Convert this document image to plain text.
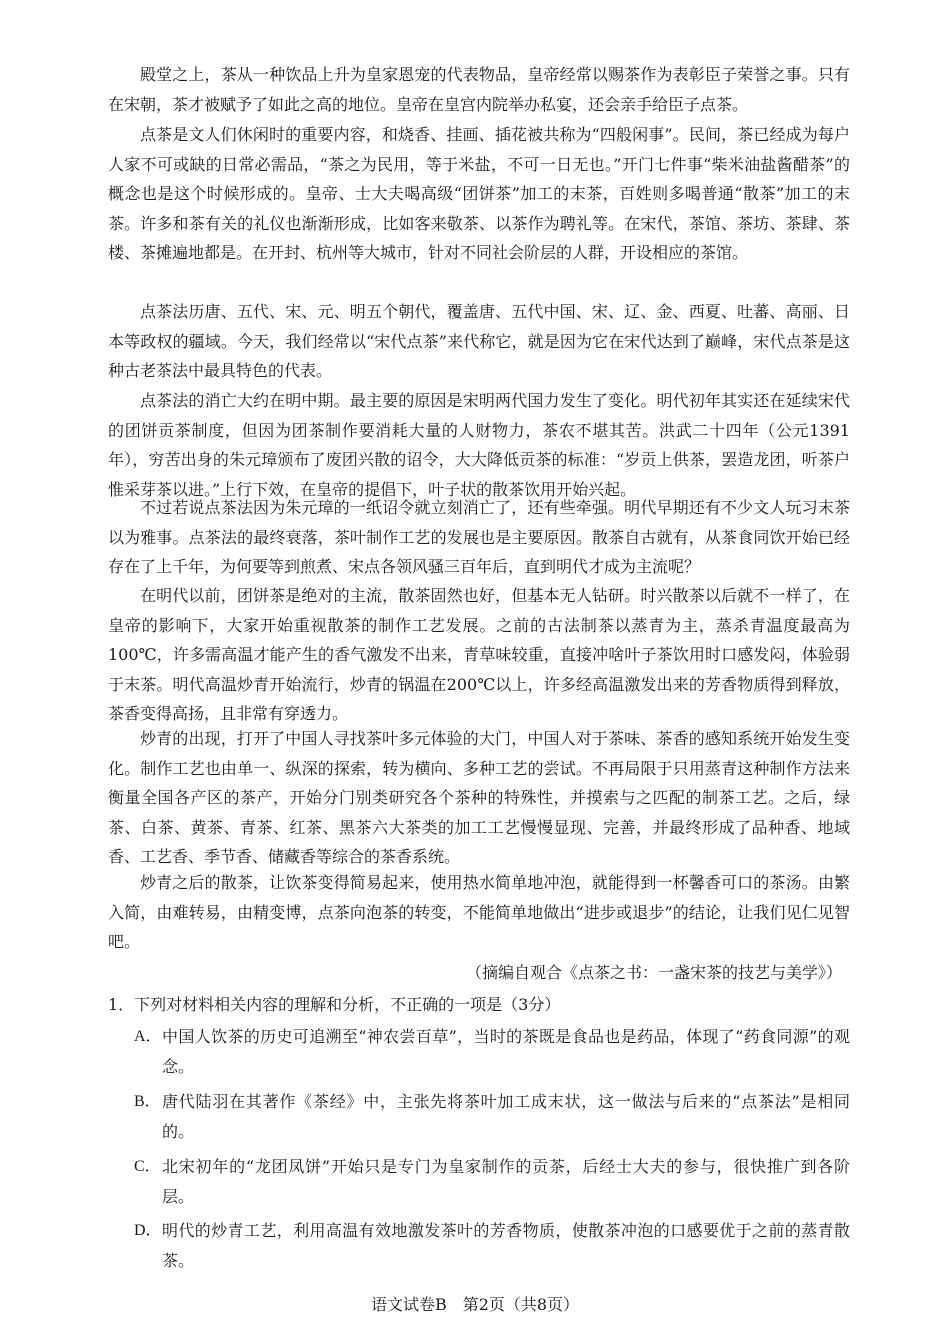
殿堂之上，茶从一种饮品上升为皇家恩宠的代表物品，皇帝经常以赐茶作为表彰臣子荣誉之事。只有在宋朝，茶才被赋予了如此之高的地位。皇帝在皇宫内院举办私宴，还会亲手给臣子点茶。

点茶是文人们休闲时的重要内容，和烧香、挂画、插花被共称为“四般闲事”。民间，茶已经成为每户人家不可或缺的日常必需品，“茶之为民用，等于米盐，不可一日无也。”开门七件事“柴米油盐酱醋茶”的概念也是这个时候形成的。皇帝、士大夫喝高级“团饼茶”加工的末茶，百姓则多喝普通“散茶”加工的末茶。许多和茶有关的礼仪也渐渐形成，比如客来敬茶、以茶作为聘礼等。在宋代，茶馆、茶坊、茶肆、茶楼、茶摊遍地都是。在开封、杭州等大城市，针对不同社会阶层的人群，开设相应的茶馆。

点茶法历唐、五代、宋、元、明五个朝代，覆盖唐、五代中国、宋、辽、金、西夏、吐蕃、高丽、日本等政权的疆域。今天，我们经常以“宋代点茶”来代称它，就是因为它在宋代达到了巅峰，宋代点茶是这种古老茶法中最具特色的代表。

点茶法的消亡大约在明中期。最主要的原因是宋明两代国力发生了变化。明代初年其实还在延续宋代的团饼贡茶制度，但因为团茶制作要消耗大量的人财物力，茶农不堪其苦。洪武二十四年（公元1391年），穷苦出身的朱元璋颁布了废团兴散的诏令，大大降低贡茶的标准：“岁贡上供茶，罢造龙团，听茶户惟采芽茶以进。”上行下效，在皇帝的提倡下，叶子状的散茶饮用开始兴起。

不过若说点茶法因为朱元璋的一纸诏令就立刻消亡了，还有些牵强。明代早期还有不少文人玩习末茶以为雅事。点茶法的最终衰落，茶叶制作工艺的发展也是主要原因。散茶自古就有，从茶食同饮开始已经存在了上千年，为何要等到煎煮、宋点各领风骚三百年后，直到明代才成为主流呢？

在明代以前，团饼茶是绝对的主流，散茶固然也好，但基本无人钻研。时兴散茶以后就不一样了，在皇帝的影响下，大家开始重视散茶的制作工艺发展。之前的古法制茶以蒸青为主，蒸杀青温度最高为100℃，许多需高温才能产生的香气激发不出来，青草味较重，直接冲啥叶子茶饮用时口感发闷，体验弱于末茶。明代高温炒青开始流行，炒青的锅温在200℃以上，许多经高温激发出来的芳香物质得到释放，茶香变得高扬，且非常有穿透力。

炒青的出现，打开了中国人寻找茶叶多元体验的大门，中国人对于茶味、茶香的感知系统开始发生变化。制作工艺也由单一、纵深的探索，转为横向、多种工艺的尝试。不再局限于只用蒸青这种制作方法来衡量全国各产区的茶产，开始分门别类研究各个茶种的特殊性，并摸索与之匹配的制茶工艺。之后，绿茶、白茶、黄茶、青茶、红茶、黑茶六大茶类的加工工艺慢慢显现、完善，并最终形成了品种香、地域香、工艺香、季节香、储藏香等综合的茶香系统。

炒青之后的散茶，让饮茶变得简易起来，使用热水简单地冲泡，就能得到一杯馨香可口的茶汤。由繁入简，由难转易，由精变博，点茶向泡茶的转变，不能简单地做出“进步或退步”的结论，让我们见仁见智吧。

（摘编自观合《点茶之书：一盏宋茶的技艺与美学》）

1．下列对材料相关内容的理解和分析，不正确的一项是（3分）

A． 中国人饮茶的历史可追溯至“神农尝百草”，当时的茶既是食品也是药品，体现了“药食同源”的观念。
B． 唐代陆羽在其著作《茶经》中，主张先将茶叶加工成末状，这一做法与后来的“点茶法”是相同的。
C． 北宋初年的“龙团凤饼”开始只是专门为皇家制作的贡茶，后经士大夫的参与，很快推广到各阶层。
D． 明代的炒青工艺，利用高温有效地激发茶叶的芳香物质，使散茶冲泡的口感要优于之前的蒸青散茶。

语文试卷B　第2页（共8页）
